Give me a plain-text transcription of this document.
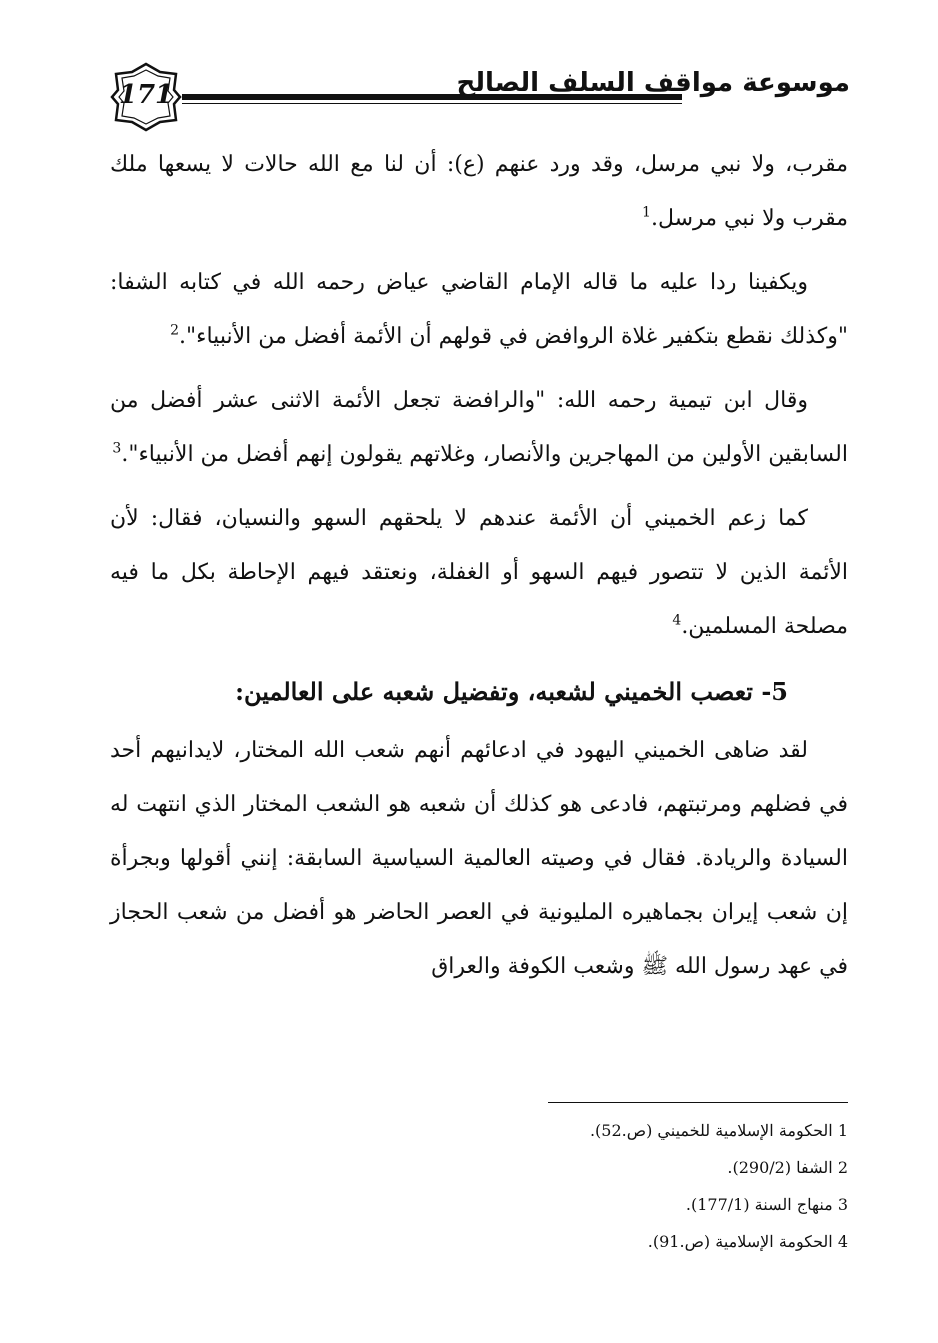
171	موسوعة مواقف السلف الصالح

مقرب، ولا نبي مرسل، وقد ورد عنهم (ع): أن لنا مع الله حالات لا يسعها ملك مقرب ولا نبي مرسل.$^1$

ويكفينا ردا عليه ما قاله الإمام القاضي عياض رحمه الله في كتابه الشفا: "وكذلك نقطع بتكفير غلاة الروافض في قولهم أن الأئمة أفضل من الأنبياء".$^2$

وقال ابن تيمية رحمه الله: "والرافضة تجعل الأئمة الاثنى عشر أفضل من السابقين الأولين من المهاجرين والأنصار، وغلاتهم يقولون إنهم أفضل من الأنبياء".$^3$

كما زعم الخميني أن الأئمة عندهم لا يلحقهم السهو والنسيان، فقال: لأن الأئمة الذين لا تتصور فيهم السهو أو الغفلة، ونعتقد فيهم الإحاطة بكل ما فيه مصلحة المسلمين.$^4$

5- تعصب الخميني لشعبه، وتفضيل شعبه على العالمين:

لقد ضاهى الخميني اليهود في ادعائهم أنهم شعب الله المختار، لايدانيهم أحد في فضلهم ومرتبتهم، فادعى هو كذلك أن شعبه هو الشعب المختار الذي انتهت له السيادة والريادة. فقال في وصيته العالمية السياسية السابقة: إنني أقولها وبجرأة إن شعب إيران بجماهيره المليونية في العصر الحاضر هو أفضل من شعب الحجاز في عهد رسول الله ﷺ وشعب الكوفة والعراق

1 الحكومة الإسلامية للخميني (ص.52).
2 الشفا (290/2).
3 منهاج السنة (177/1).
4 الحكومة الإسلامية (ص.91).
